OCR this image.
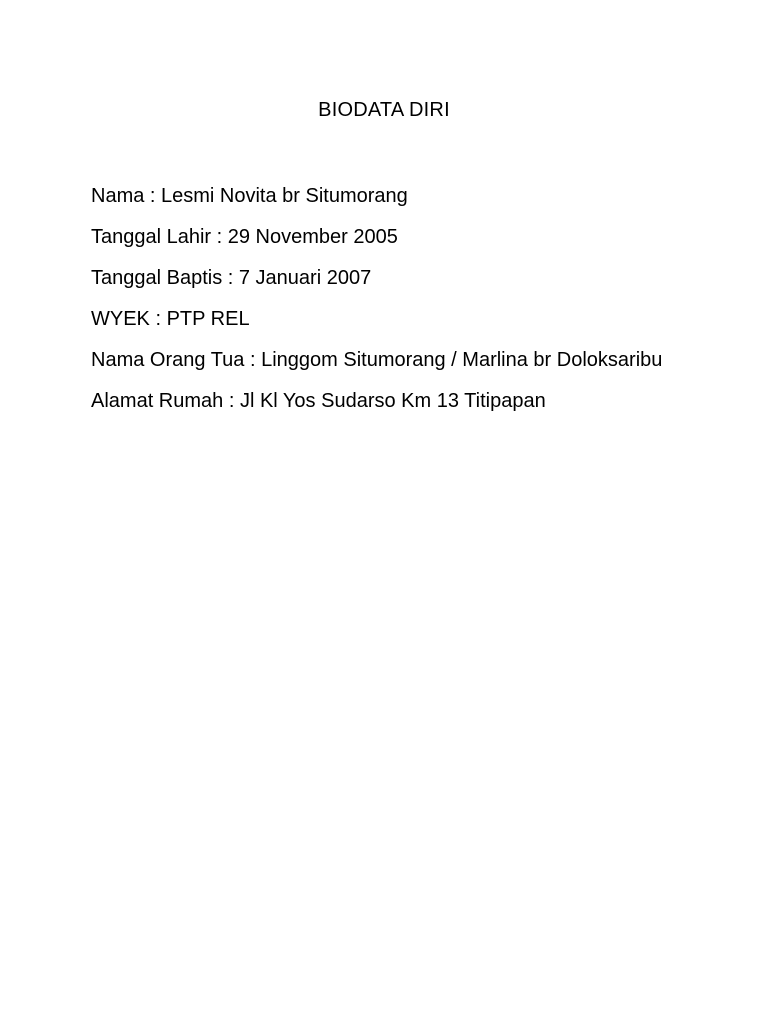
BIODATA DIRI
Nama : Lesmi Novita br Situmorang
Tanggal Lahir : 29 November 2005
Tanggal Baptis : 7 Januari 2007
WYEK : PTP REL
Nama Orang Tua : Linggom Situmorang / Marlina br Doloksaribu
Alamat Rumah : Jl Kl Yos Sudarso Km 13 Titipapan
